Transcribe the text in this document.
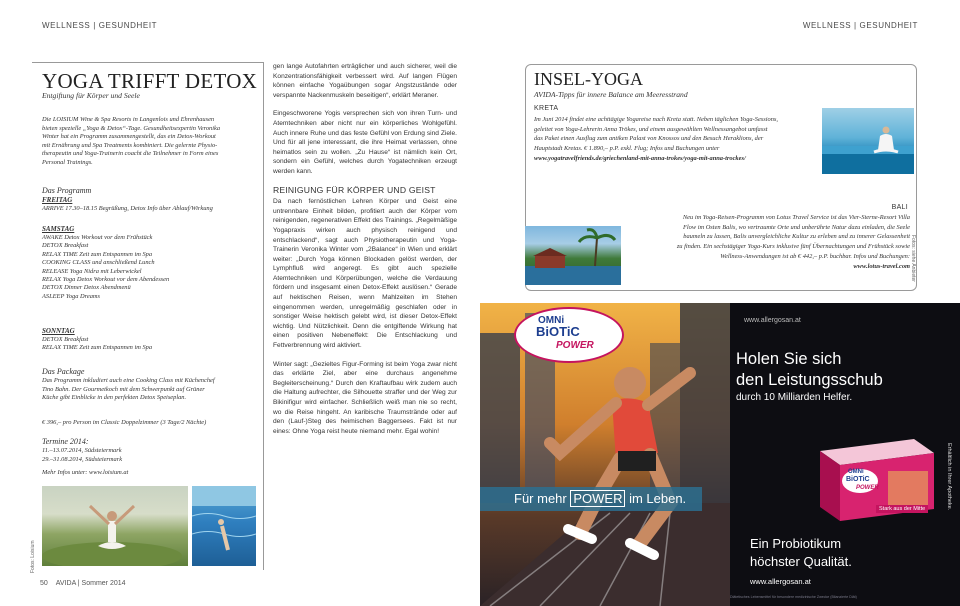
WELLNESS | GESUNDHEIT	WELLNESS | GESUNDHEIT
YOGA TRIFFT DETOX
Entgiftung für Körper und Seele
Die LOISIUM Wine & Spa Resorts in Langenlois und Ehrenhausen
bieten spezielle „Yoga & Detox“-Tage. Gesundheitsexpertin Veronika
Winter hat ein Programm zusammengestellt, das ein Detox-Workout
mit Ernährung und Spa Treatments kombiniert. Die gelernte Physio-
therapeutin und Yoga-Trainerin coacht die Teilnehmer in Form eines
Personal Trainings.
Das Programm
FREITAG
ARRIVE 17.30–18.15 Begrüßung, Detox Info über Ablauf/Wirkung
SAMSTAG
AWAKE Detox Workout vor dem Frühstück
DETOX Breakfast
RELAX TIME Zeit zum Entspannen im Spa
COOKING CLASS und anschließend Lunch
RELEASE Yoga Nidra mit Leberwickel
RELAX Yoga Detox Workout vor dem Abendessen
DETOX Dinner Detox Abendmenü
ASLEEP Yoga Dreams
SONNTAG
DETOX Breakfast
RELAX TIME Zeit zum Entspannen im Spa
Das Package
Das Programm inkludiert auch eine Cooking Class mit Küchenchef
Tino Bahn. Der Gourmetkoch mit dem Schwerpunkt auf Grüner
Küche gibt Einblicke in den perfekten Detox Speiseplan.
€ 396,– pro Person im Classic Doppelzimmer (3 Tage/2 Nächte)
Termine 2014:
11.–13.07.2014, Südsteiermark
29.–31.08.2014, Südsteiermark
Mehr Infos unter: www.loisium.at
Fotos: Loisium

gen lange Autofahrten erträglicher und auch sicherer, weil die Konzentrationsfähigkeit verbessert wird. Auf langen Flügen können einfache Yogaübungen sogar Angstzustände oder verspannte Nackenmuskeln beseitigen“, erklärt Meraner.

Eingeschworene Yogis versprechen sich von ihren Turn- und Atemtechniken aber nicht nur ein körperliches Wohlgefühl. Auch innere Ruhe und das feste Gefühl von Erdung sind Ziele. Und für all jene interessant, die ihre Heimat verlassen, ohne heimatlos sein zu wollen. „Zu Hause“ ist nämlich kein Ort, sondern ein Gefühl, welches durch Yogatechniken erzeugt werden kann.

REINIGUNG FÜR KÖRPER UND GEIST

Da nach fernöstlichen Lehren Körper und Geist eine untrennbare Einheit bilden, profitiert auch der Körper vom reinigenden, regenerativen Effekt des Trainings. „Regelmäßige Yogapraxis wirken auch physisch reinigend und entschlackend“, sagt auch Physiotherapeutin und Yoga-Trainerin Veronika Winter vom „2Balance“ in Wien und erklärt weiter: „Durch Yoga können Blockaden gelöst werden, der Lymphfluß wird angeregt. Es gibt auch spezielle Atemtechniken und Körperübungen, welche die Verdauung fördern und insgesamt einen Detox-Effekt auslösen.“ Gerade auf hektischen Reisen, wenn Mahlzeiten im Stehen eingenommen werden, unregelmäßig geschlafen oder in sonstiger Weise hektisch gelebt wird, ist dieser Detox-Effekt wichtig. Und Nützlichkeit. Denn die entgiftende Wirkung hat einen positiven Nebeneffekt: Die Entschlackung und Fettverbrennung wird aktiviert.

Winter sagt: „Gezieltes Figur-Forming ist beim Yoga zwar nicht das erklärte Ziel, aber eine durchaus angenehme Begleiterscheinung.“ Durch den Kraftaufbau wirk zudem auch die Haltung aufrechter, die Silhouette straffer und der Weg zur Bikinifigur wird einfacher. Schließlich weiß man nie so recht, wo die Reise hingeht. An karibische Traumstrände oder auf den (Lauf-)Steg des heimischen Baggersees. Fakt ist nur eines: Ohne Yoga reist heute niemand mehr. Egal wohin!

INSEL-YOGA
AVIDA-Tipps für innere Balance am Meeresstrand
KRETA
Im Juni 2014 findet eine achttägige Yogareise nach Kreta statt. Neben täglichen Yoga-Sessions,
geleitet von Yoga-Lehrerin Anna Trökes, und einem ausgewählten Wellnessangebot umfasst
das Paket einen Ausflug zum antiken Palast von Knossos und den Besuch Heraklions, der
Hauptstadt Kretas. € 1.890,– p.P. exkl. Flug; Infos und Buchungen unter
www.yogatravelfriends.de/griechenland-mit-anna-trokes/yoga-mit-anna-trockes/
BALI
Neu im Yoga-Reisen-Programm von Lotus Travel Service ist das Vier-Sterne-Resort Villa
Flow im Osten Balis, wo vertraumte Orte und unberührte Natur dazu einladen, die Seele
baumeln zu lassen, Balis unvergleichliche Kultur zu erleben und zu innerer Gelassenheit
zu finden. Ein sechstägiger Yoga-Kurs inklusive fünf Übernachtungen und Frühstück sowie
Wellness-Anwendungen ist ab € 442,– p.P. buchbar. Infos und Buchungen:
www.lotus-travel.com Fotos: siehe Anbieter
OMNi
BiOTiC
POWER
www.allergosan.at
Holen Sie sich
den Leistungsschub
durch 10 Milliarden Helfer.
OMNi
BiOTiC
POWER
Stark aus der Mitte
Für mehr POWER im Leben.
Ein Probiotikum
höchster Qualität.
www.allergosan.at
Diätetisches Lebensmittel für besondere medizinische Zwecke (Bilanzierte Diät)
Erhältlich in Ihrer Apotheke.
50 AVIDA | Sommer 2014
